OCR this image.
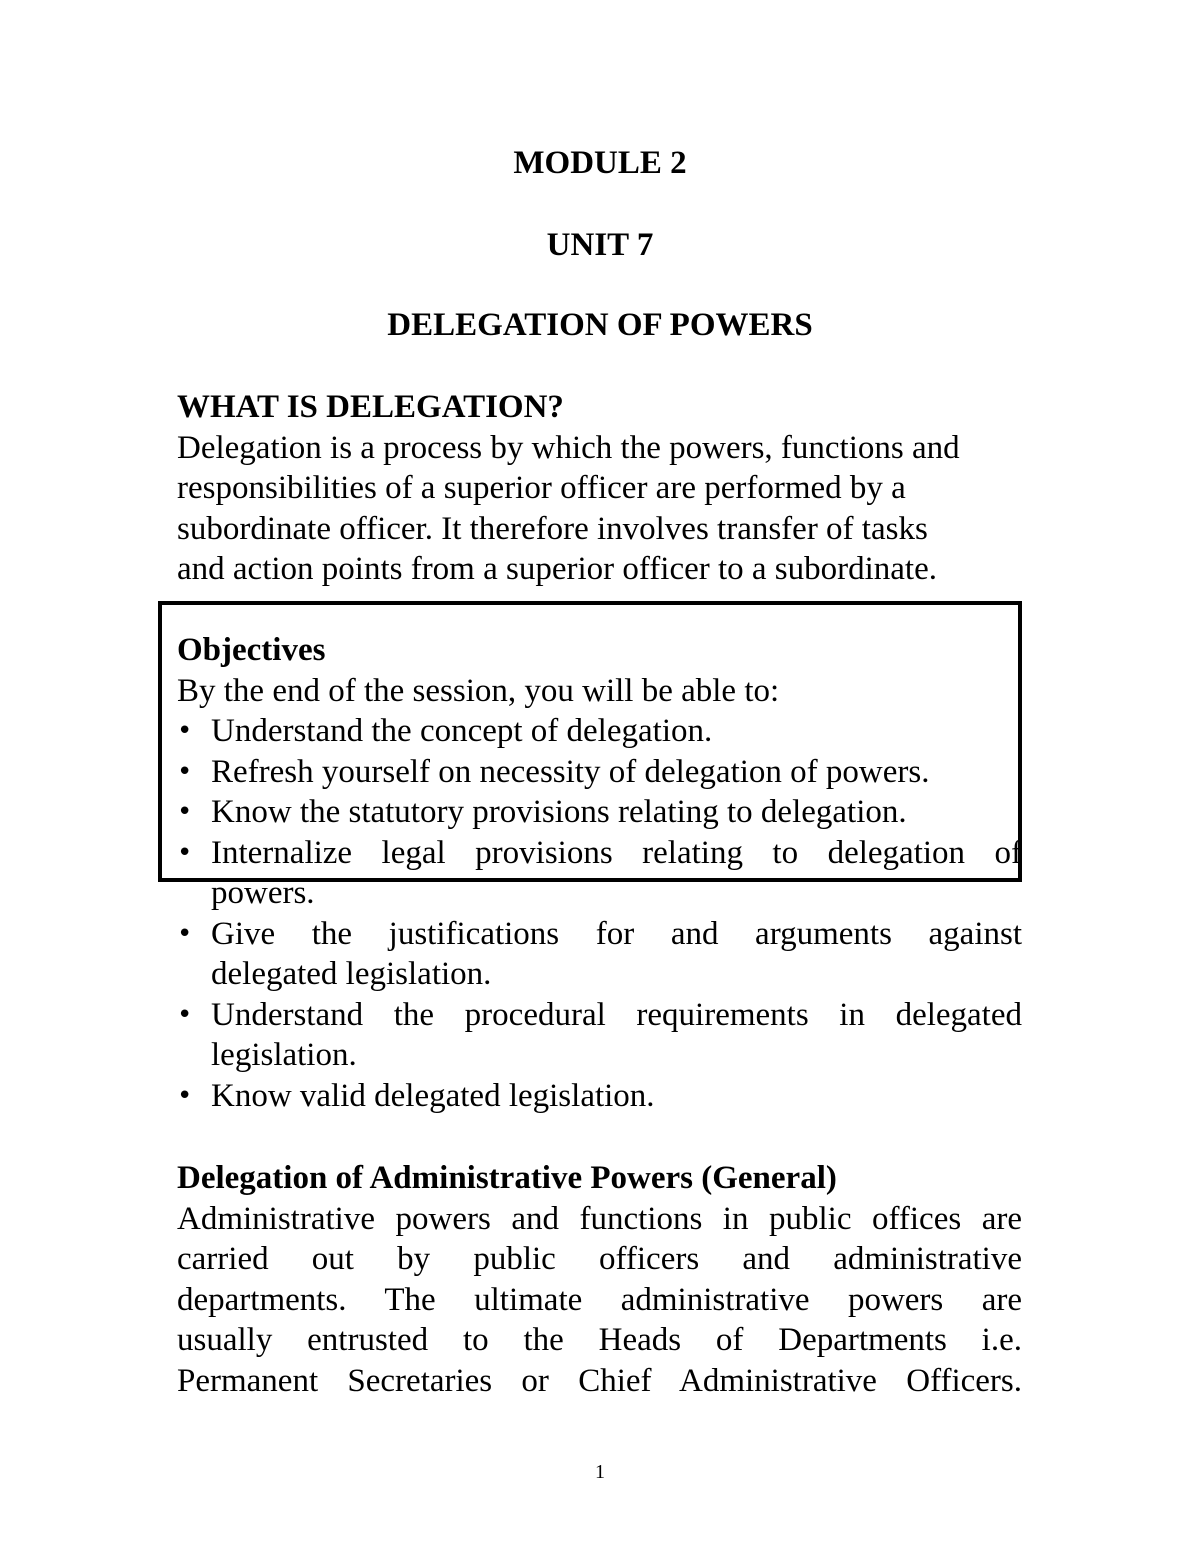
MODULE 2
UNIT 7
DELEGATION OF POWERS
WHAT IS DELEGATION?

Delegation is a process by which the powers, functions and
responsibilities of a superior officer are performed by a
subordinate officer. It therefore involves transfer of tasks
and action points from a superior officer to a subordinate.

Objectives
By the end of the session, you will be able to:
• Understand the concept of delegation.
• Refresh yourself on necessity of delegation of powers.
• Know the statutory provisions relating to delegation.
• Internalize legal provisions relating to delegation of
powers.
• Give the justifications for and arguments against
delegated legislation.
• Understand the procedural requirements in delegated
legislation.
• Know valid delegated legislation.
Delegation of Administrative Powers (General)

Administrative powers and functions in public offices are
carried out by public officers and administrative
departments. The ultimate administrative powers are
usually entrusted to the Heads of Departments i.e.
Permanent Secretaries or Chief Administrative Officers.

1
